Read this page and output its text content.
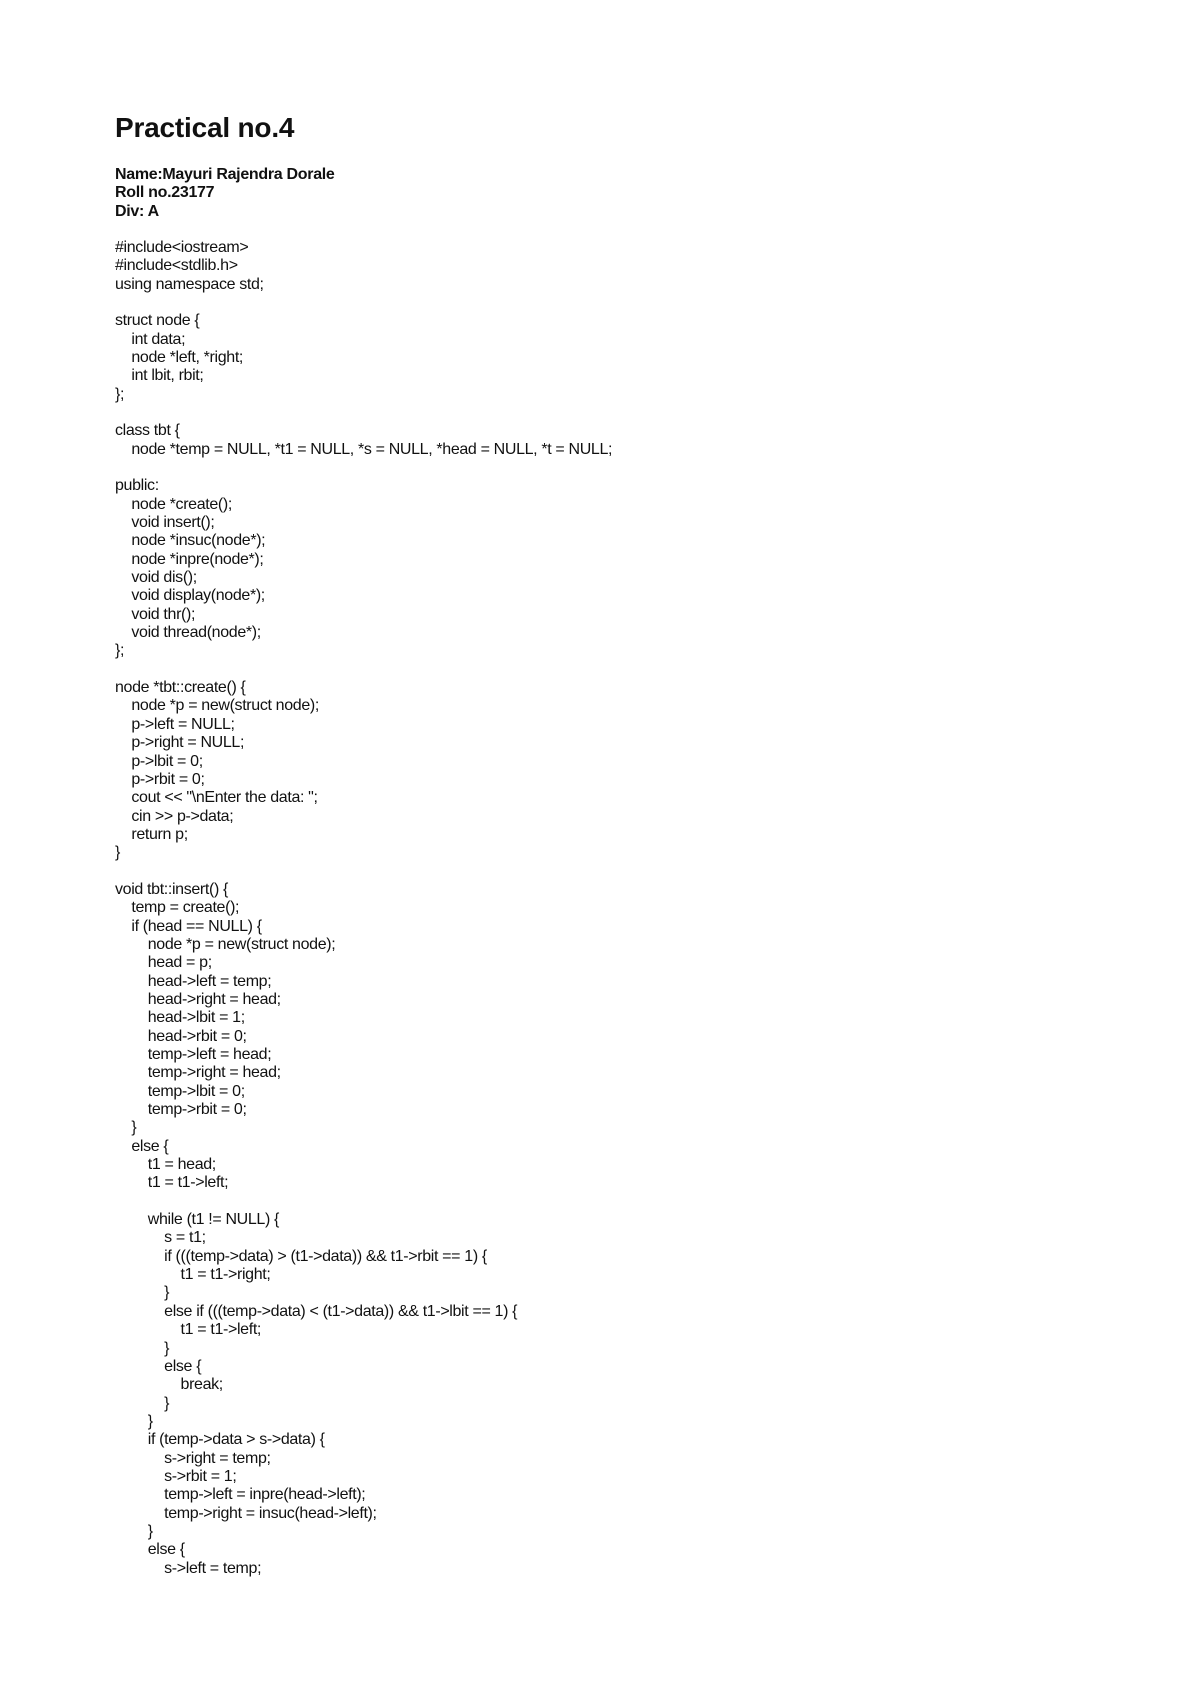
Practical no.4
Name:Mayuri Rajendra Dorale
Roll no.23177
Div: A
#include<iostream>
#include<stdlib.h>
using namespace std;
struct node {
int data;
node *left, *right;
int lbit, rbit;
};
class tbt {
node *temp = NULL, *t1 = NULL, *s = NULL, *head = NULL, *t = NULL;
public:
node *create();
void insert();
node *insuc(node*);
node *inpre(node*);
void dis();
void display(node*);
void thr();
void thread(node*);
};
node *tbt::create() {
node *p = new(struct node);
p->left = NULL;
p->right = NULL;
p->lbit = 0;
p->rbit = 0;
cout << "\nEnter the data: ";
cin >> p->data;
return p;
}
void tbt::insert() {
temp = create();
if (head == NULL) {
node *p = new(struct node);
head = p;
head->left = temp;
head->right = head;
head->lbit = 1;
head->rbit = 0;
temp->left = head;
temp->right = head;
temp->lbit = 0;
temp->rbit = 0;
}
else {
t1 = head;
t1 = t1->left;
while (t1 != NULL) {
s = t1;
if (((temp->data) > (t1->data)) && t1->rbit == 1) {
t1 = t1->right;
}
else if (((temp->data) < (t1->data)) && t1->lbit == 1) {
t1 = t1->left;
}
else {
break;
}
}
if (temp->data > s->data) {
s->right = temp;
s->rbit = 1;
temp->left = inpre(head->left);
temp->right = insuc(head->left);
}
else {
s->left = temp;
